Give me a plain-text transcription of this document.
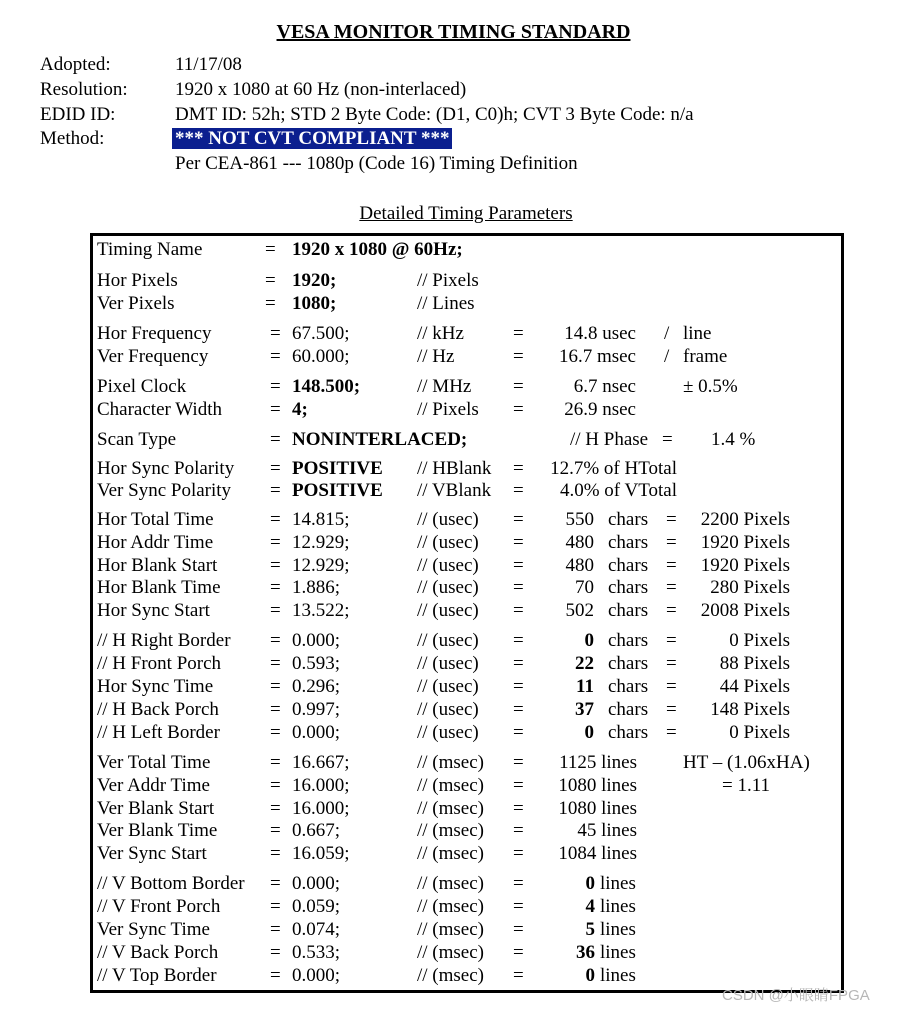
VESA MONITOR TIMING STANDARD
Adopted:	11/17/08
Resolution: 1920 x 1080 at 60 Hz (non-interlaced)
EDID ID:	DMT ID: 52h; STD 2 Byte Code: (D1, C0)h; CVT 3 Byte Code: n/a
Method:	*** NOT CVT COMPLIANT ***
Per CEA-861 --- 1080p (Code 16) Timing Definition
Detailed Timing Parameters
Timing Name	= 1920 x 1080 @ 60Hz;
Hor Pixels	= 1920;	// Pixels
Ver Pixels	= 1080;	// Lines
Hor Frequency	= 67.500;	// kHz	=	14.8 usec / line
Ver Frequency	= 60.000;	// Hz	=	16.7 msec / frame
Pixel Clock	= 148.500;	// MHz =	6.7 nsec ± 0.5%
Character Width	= 4;	// Pixels =	26.9 nsec
Scan Type	= NONINTERLACED;	// H Phase = 1.4 %
Hor Sync Polarity = POSITIVE // HBlank =	12.7% of HTotal
Ver Sync Polarity = POSITIVE // VBlank =	4.0% of VTotal
Hor Total Time	= 14.815;	// (usec) =	550 chars =	2200 Pixels
Hor Addr Time	= 12.929;	// (usec) =	480 chars =	1920 Pixels
Hor Blank Start	= 12.929;	// (usec) =	480 chars =	1920 Pixels
Hor Blank Time	= 1.886;	// (usec) =	70 chars =	280 Pixels
Hor Sync Start	= 13.522;	// (usec) =	502 chars =	2008 Pixels
// H Right Border = 0.000;	// (usec) =	0 chars =	0 Pixels
// H Front Porch	= 0.593;	// (usec) =	22 chars =	88 Pixels
Hor Sync Time	= 0.296;	// (usec) =	11 chars =	44 Pixels
// H Back Porch	= 0.997;	// (usec) =	37 chars =	148 Pixels
// H Left Border	= 0.000;	// (usec) =	0 chars =	0 Pixels
Ver Total Time	= 16.667;	// (msec) =	1125 lines HT – (1.06xHA)
Ver Addr Time	= 16.000;	// (msec) =	1080 lines	= 1.11
Ver Blank Start	= 16.000;	// (msec) =	1080 lines
Ver Blank Time	= 0.667;	// (msec) =	45 lines
Ver Sync Start	= 16.059;	// (msec) =	1084 lines
// V Bottom Border = 0.000;	// (msec) =	0 lines
// V Front Porch	= 0.059;	// (msec) =	4 lines
Ver Sync Time	= 0.074;	// (msec) =	5 lines
// V Back Porch	= 0.533;	// (msec) =	36 lines
// V Top Border	= 0.000;	// (msec) =	0 lines
CSDN @小眼睛FPGA
